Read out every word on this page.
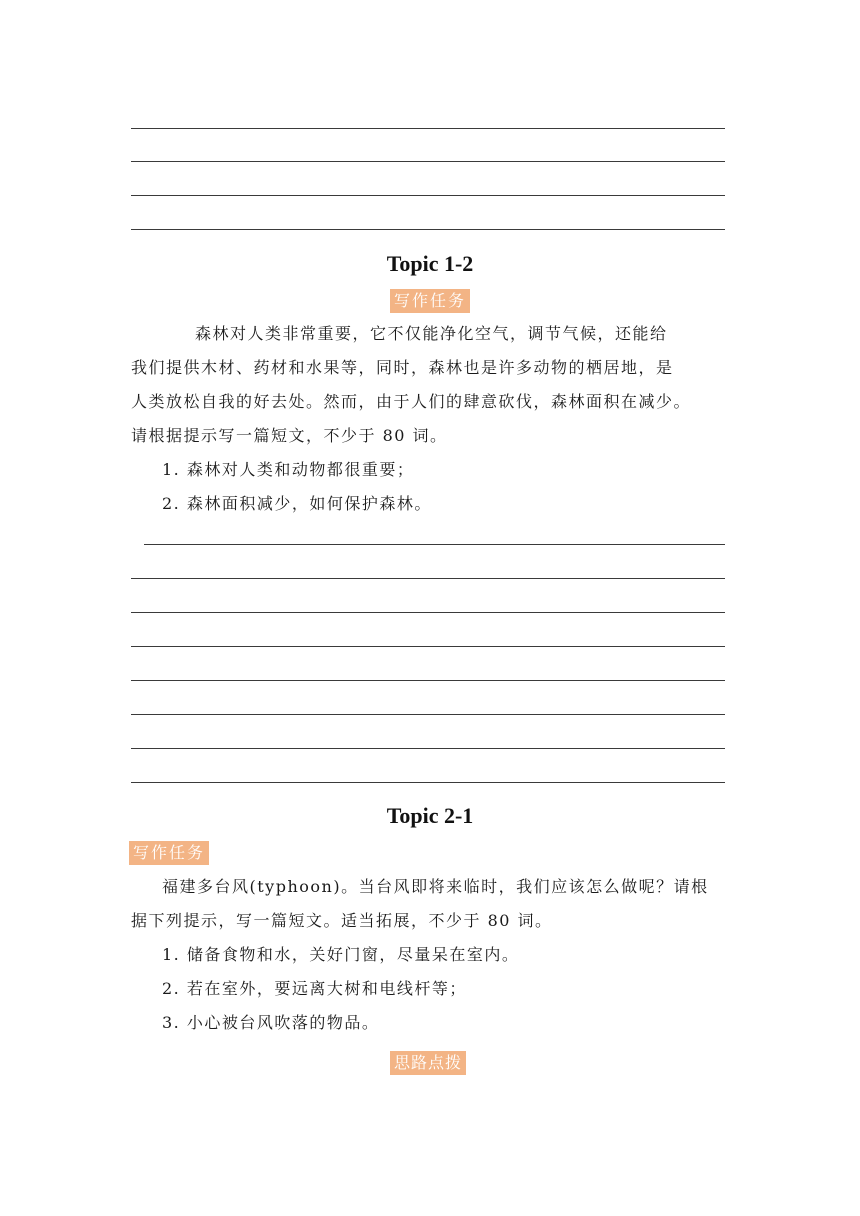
Topic 1-2
写作任务
森林对人类非常重要，它不仅能净化空气，调节气候，还能给
我们提供木材、药材和水果等，同时，森林也是许多动物的栖居地，是
人类放松自我的好去处。然而，由于人们的肆意砍伐，森林面积在减少。
请根据提示写一篇短文，不少于 80 词。
1. 森林对人类和动物都很重要；
2. 森林面积减少，如何保护森林。
Topic 2-1
写作任务
福建多台风(typhoon)。当台风即将来临时，我们应该怎么做呢？请根
据下列提示，写一篇短文。适当拓展，不少于 80 词。
1. 储备食物和水，关好门窗，尽量呆在室内。
2. 若在室外，要远离大树和电线杆等；
3. 小心被台风吹落的物品。
思路点拨
